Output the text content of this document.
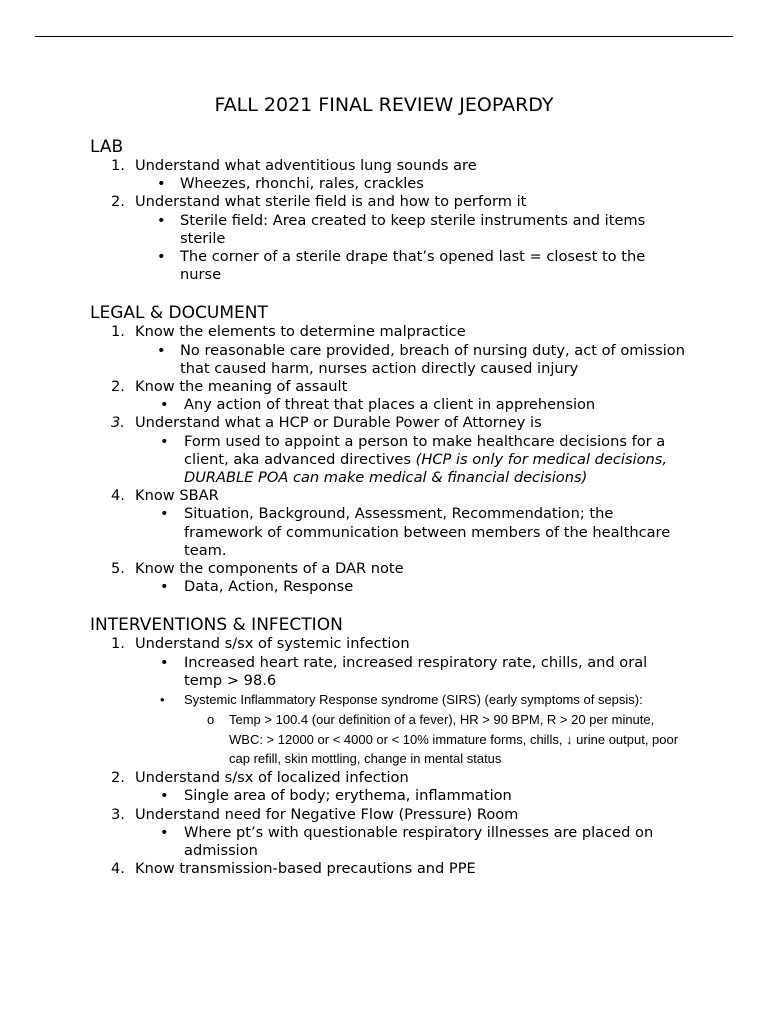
FALL 2021 FINAL REVIEW JEOPARDY
LAB
1. Understand what adventitious lung sounds are
• Wheezes, rhonchi, rales, crackles
2. Understand what sterile field is and how to perform it
• Sterile field: Area created to keep sterile instruments and items sterile
• The corner of a sterile drape that’s opened last = closest to the nurse
LEGAL & DOCUMENT
1. Know the elements to determine malpractice
• No reasonable care provided, breach of nursing duty, act of omission that caused harm, nurses action directly caused injury
2. Know the meaning of assault
• Any action of threat that places a client in apprehension
3. Understand what a HCP or Durable Power of Attorney is
• Form used to appoint a person to make healthcare decisions for a client, aka advanced directives (HCP is only for medical decisions, DURABLE POA can make medical & financial decisions)
4. Know SBAR
• Situation, Background, Assessment, Recommendation; the framework of communication between members of the healthcare team.
5. Know the components of a DAR note
• Data, Action, Response
INTERVENTIONS & INFECTION
1. Understand s/sx of systemic infection
• Increased heart rate, increased respiratory rate, chills, and oral temp > 98.6
• Systemic Inflammatory Response syndrome (SIRS) (early symptoms of sepsis):
o Temp > 100.4 (our definition of a fever), HR > 90 BPM, R > 20 per minute, WBC: > 12000 or < 4000 or < 10% immature forms, chills, ↓ urine output, poor cap refill, skin mottling, change in mental status
2. Understand s/sx of localized infection
• Single area of body; erythema, inflammation
3. Understand need for Negative Flow (Pressure) Room
• Where pt’s with questionable respiratory illnesses are placed on admission
4. Know transmission-based precautions and PPE
